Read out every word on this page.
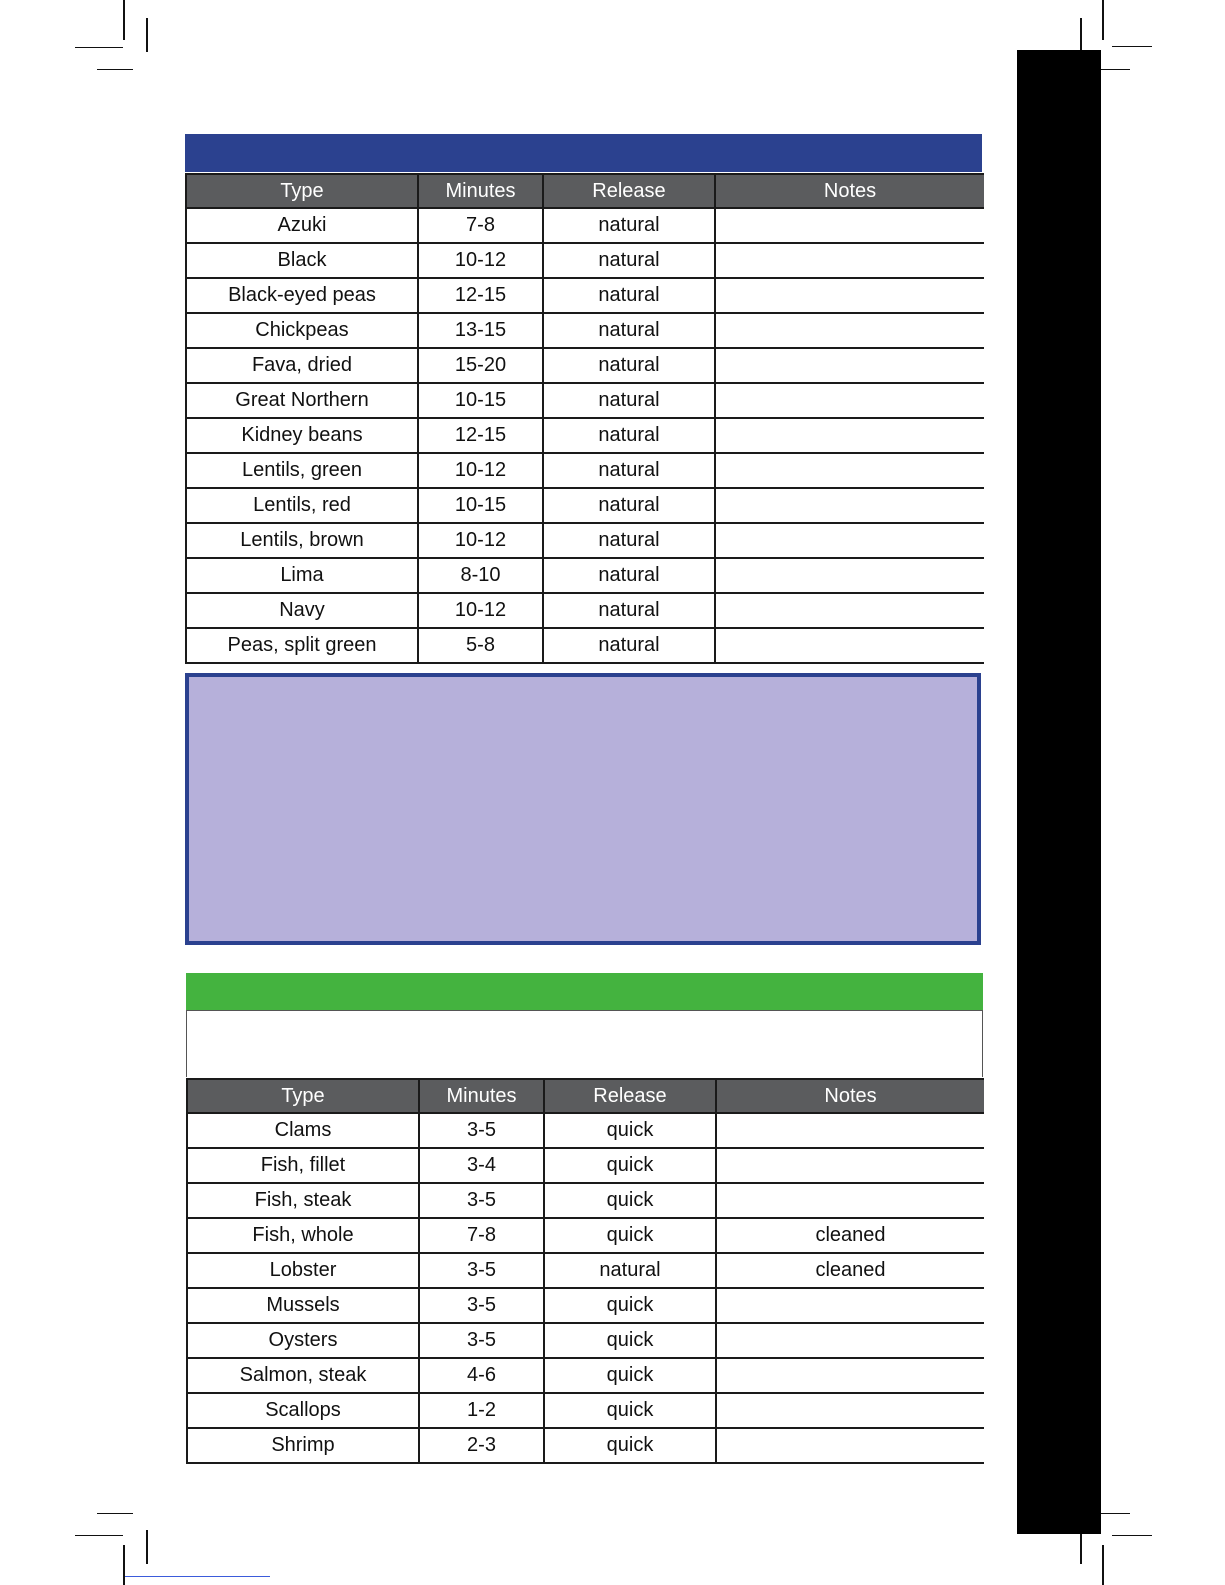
Type	Minutes	Release	Notes
Azuki	7-8	natural	
Black	10-12	natural	
Black-eyed peas	12-15	natural	
Chickpeas	13-15	natural	
Fava, dried	15-20	natural	
Great Northern	10-15	natural	
Kidney beans	12-15	natural	
Lentils, green	10-12	natural	
Lentils, red	10-15	natural	
Lentils, brown	10-12	natural	
Lima	8-10	natural	
Navy	10-12	natural	
Peas, split green	5-8	natural	
Type	Minutes	Release	Notes
Clams	3-5	quick	
Fish, fillet	3-4	quick	
Fish, steak	3-5	quick	
Fish, whole	7-8	quick	cleaned
Lobster	3-5	natural	cleaned
Mussels	3-5	quick	
Oysters	3-5	quick	
Salmon, steak	4-6	quick	
Scallops	1-2	quick	
Shrimp	2-3	quick	
